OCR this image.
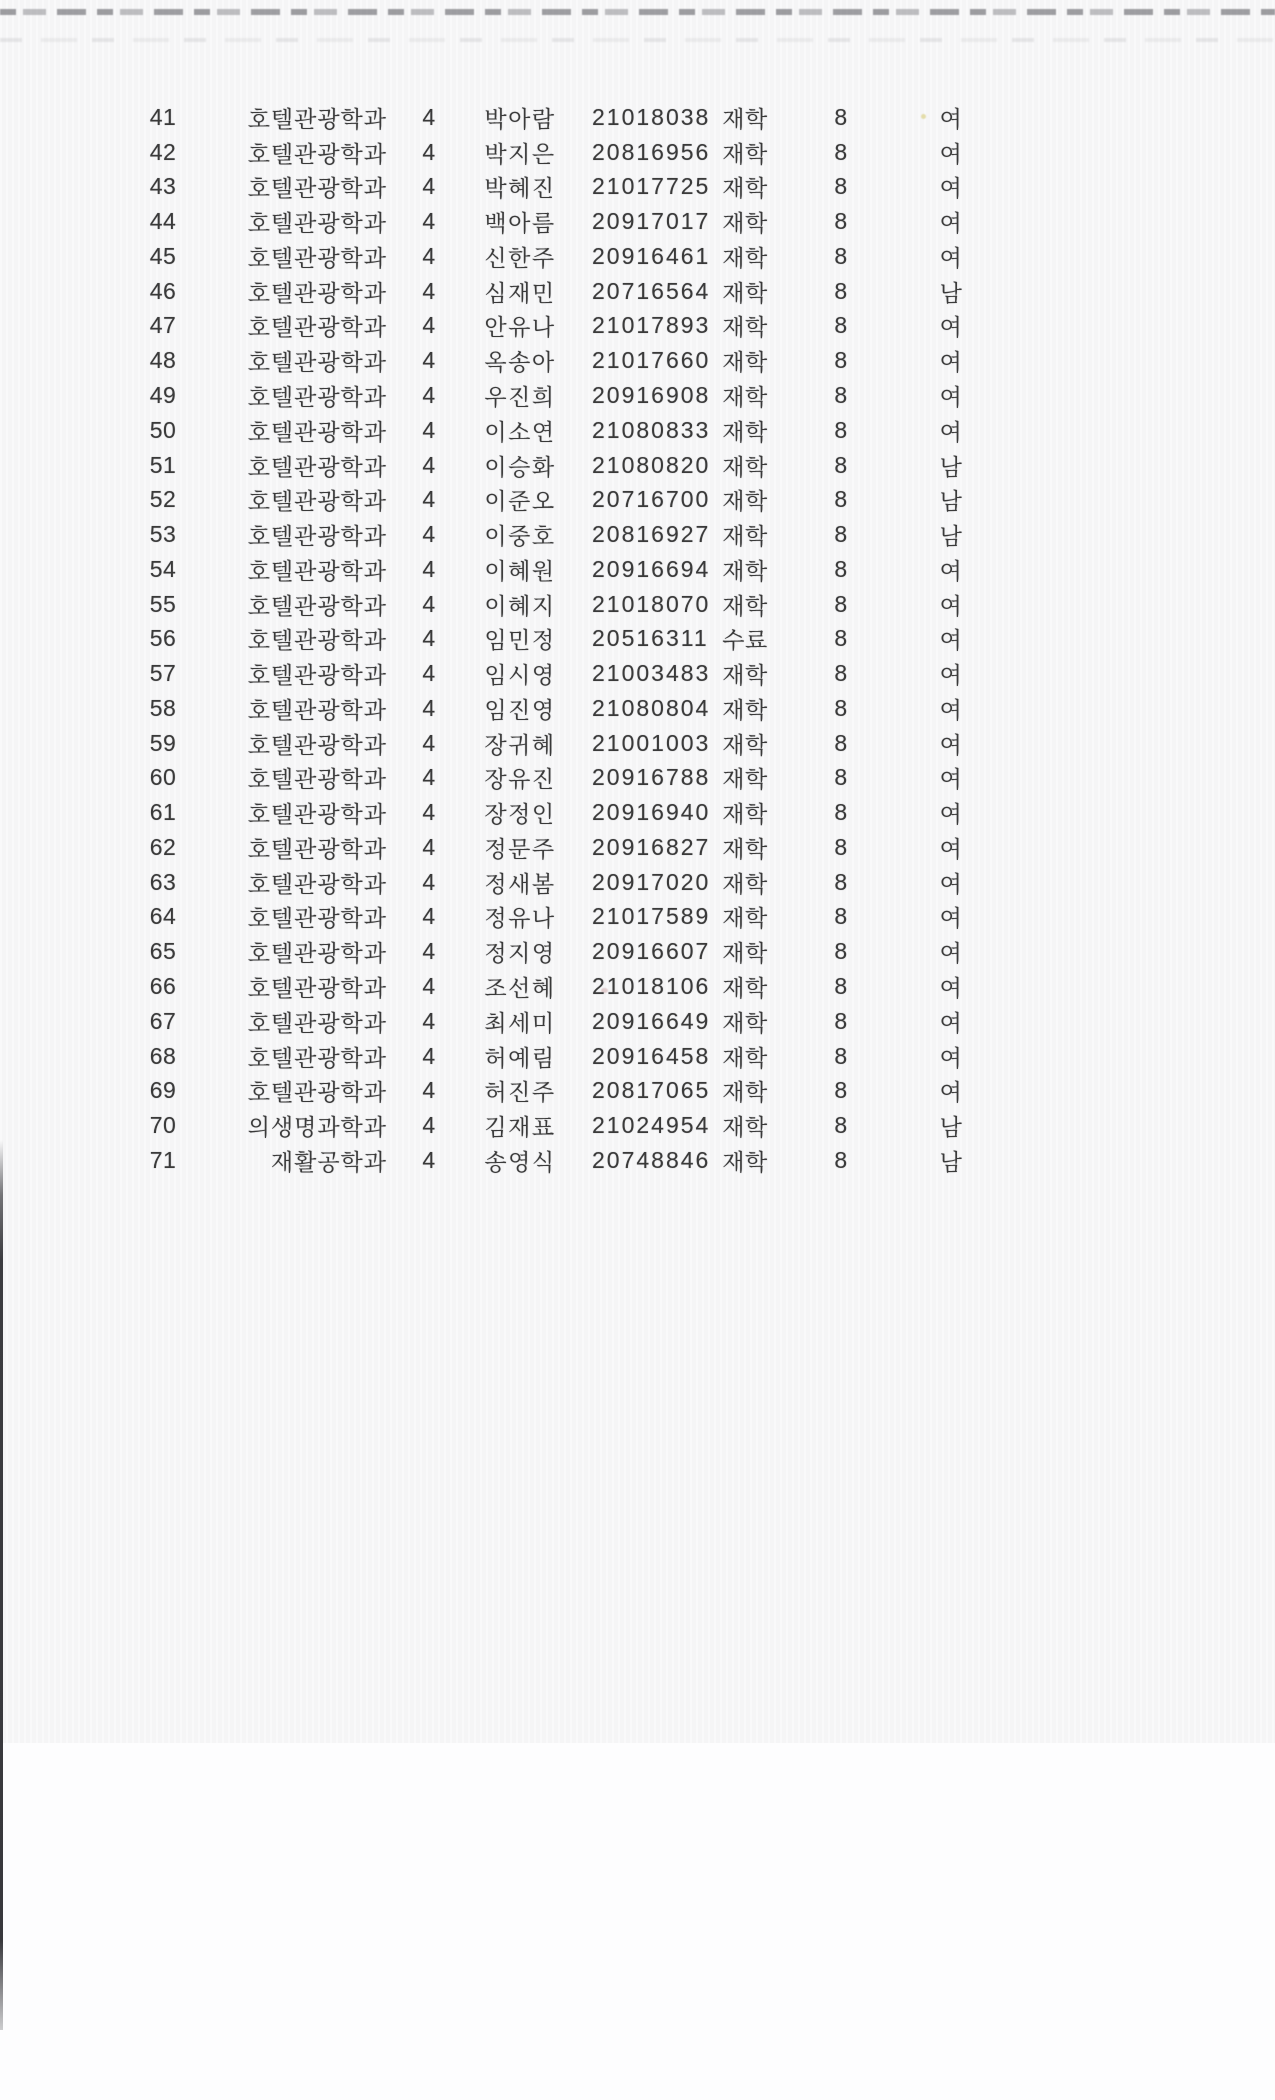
41	호텔관광학과	4	박아람	21018038 재학	8	여
42	호텔관광학과	4	박지은	20816956 재학	8	여
43	호텔관광학과	4	박혜진	21017725 재학	8	여
44	호텔관광학과	4	백아름	20917017 재학	8	여
45	호텔관광학과	4	신한주	20916461 재학	8	여
46	호텔관광학과	4	심재민	20716564 재학	8	남
47	호텔관광학과	4	안유나	21017893 재학	8	여
48	호텔관광학과	4	옥송아	21017660 재학	8	여
49	호텔관광학과	4	우진희	20916908 재학	8	여
50	호텔관광학과	4	이소연	21080833 재학	8	여
51	호텔관광학과	4	이승화	21080820 재학	8	남
52	호텔관광학과	4	이준오	20716700 재학	8	남
53	호텔관광학과	4	이중호	20816927 재학	8	남
54	호텔관광학과	4	이혜원	20916694 재학	8	여
55	호텔관광학과	4	이혜지	21018070 재학	8	여
56	호텔관광학과	4	임민정	20516311 수료	8	여
57	호텔관광학과	4	임시영	21003483 재학	8	여
58	호텔관광학과	4	임진영	21080804 재학	8	여
59	호텔관광학과	4	장귀혜	21001003 재학	8	여
60	호텔관광학과	4	장유진	20916788 재학	8	여
61	호텔관광학과	4	장정인	20916940 재학	8	여
62	호텔관광학과	4	정문주	20916827 재학	8	여
63	호텔관광학과	4	정새봄	20917020 재학	8	여
64	호텔관광학과	4	정유나	21017589 재학	8	여
65	호텔관광학과	4	정지영	20916607 재학	8	여
66	호텔관광학과	4	조선혜	21018106 재학	8	여
67	호텔관광학과	4	최세미	20916649 재학	8	여
68	호텔관광학과	4	허예림	20916458 재학	8	여
69	호텔관광학과	4	허진주	20817065 재학	8	여
70	의생명과학과	4	김재표	21024954 재학	8	남
71	재활공학과	4	송영식	20748846 재학	8	남
